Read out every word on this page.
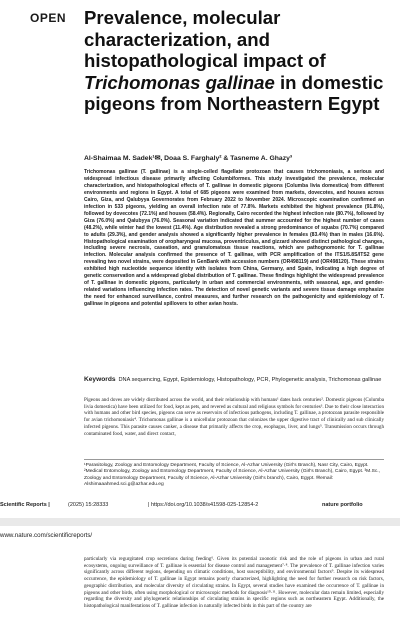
OPEN Prevalence, molecular characterization, and histopathological impact of Trichomonas gallinae in domestic pigeons from Northeastern Egypt
Al-Shaimaa M. Sadek¹✉, Doaa S. Farghaly² & Tasneme A. Ghazy³
Trichomonas gallinae (T. gallinae) is a single-celled flagellate protozoan that causes trichomoniasis, a serious and widespread infectious disease primarily affecting Columbiformes. This study investigated the prevalence, molecular characterization, and histopathological effects of T. gallinae in domestic pigeons (Columba livia domestica) from different environments and regions in Egypt. A total of 685 pigeons were examined from markets, dovecotes, and houses across Cairo, Giza, and Qalubyya Governorates from February 2022 to November 2024. Microscopic examination confirmed an infection in 533 pigeons, yielding an overall infection rate of 77.8%. Markets exhibited the highest prevalence (91.8%), followed by dovecotes (72.1%) and houses (58.4%). Regionally, Cairo recorded the highest infection rate (80.7%), followed by Giza (76.0%) and Qalubyya (76.0%). Seasonal variation indicated that summer accounted for the highest number of cases (48.2%), while winter had the lowest (11.4%). Age distribution revealed a strong predominance of squabs (70.7%) compared to adults (29.3%), and gender analysis showed a significantly higher prevalence in females (83.4%) than in males (16.6%). Histopathological examination of oropharyngeal mucosa, proventriculus, and gizzard showed distinct pathological changes, including severe necrosis, caseation, and granulomatous tissue reactions, which are pathognomonic for T. gallinae infection. Molecular analysis confirmed the presence of T. gallinae, with PCR amplification of the ITS1/5.8S/ITS2 gene revealing two novel strains, were deposited in GenBank with accession numbers (OR498119) and (OR498120). These strains exhibited high nucleotide sequence identity with isolates from China, Germany, and Spain, indicating a high degree of genetic conservation and a widespread global distribution of T. gallinae. These findings highlight the widespread prevalence of T. gallinae in domestic pigeons, particularly in urban and commercial environments, with seasonal, age, and gender-related variations influencing infection rates. The detection of novel genetic variants and severe tissue damage emphasize the need for enhanced surveillance, control measures, and further research on the pathogenicity and epidemiology of T. gallinae in pigeons and potential spillovers to other avian hosts.
Keywords DNA sequencing, Egypt, Epidemiology, Histopathology, PCR, Phylogenetic analysis, Trichomonas gallinae
Pigeons and doves are widely distributed across the world, and their relationship with humans¹ dates back centuries². Domestic pigeons (Columba livia domestica) have been utilized for food, kept as pets, and revered as cultural and religious symbols for centuries³. Due to their close interaction with humans and other bird species, pigeons can serve as reservoirs of infectious pathogens, including T. gallinae, a protozoan parasite responsible for avian trichomoniasis⁴. Trichomonas gallinae is a unicellular protozoan that colonizes the upper digestive tract of clinically and sub clinically infected pigeons. This parasite causes canker, a disease that primarily affects the crop, esophagus, liver, and lungs⁵. Transmission occurs through contaminated food, water, and direct contact,
¹Parasitology, Zoology and Entomology Department, Faculty of Science, Al-Azhar University (Girl's Branch), Nasr City, Cairo, Egypt. ²Medical Entomology, Zoology and Entomology Department, Faculty of Science, Al-Azhar University (Girl's Branch), Cairo, Egypt. ³M.Sc., Zoology and Entomology Department, Faculty of Science, Al-Azhar University (Girl's branch), Cairo, Egypt. ✉email: Alshimaaahmed.sci.g@azhar.edu.eg
Scientific Reports |	(2025) 15:28333	| https://doi.org/10.1038/s41598-025-12854-2	nature portfolio
www.nature.com/scientificreports/
particularly via regurgitated crop secretions during feeding⁶. Given its potential zoonotic risk and the role of pigeons in urban and rural ecosystems, ongoing surveillance of T. gallinae is essential for disease control and management⁷·⁸. The prevalence of T. gallinae infection varies significantly across different regions, depending on climatic conditions, host susceptibility, and environmental factors⁹. Despite its widespread occurrence, the epidemiology of T. gallinae in Egypt remains poorly characterized, highlighting the need for further research on risk factors, geographic distribution, and molecular diversity of circulating strains. In Egypt, several studies have examined the occurrence of T. gallinae in pigeons and other birds, often using morphological or microscopic methods for diagnosis¹⁰·¹¹. However, molecular data remain limited, especially regarding the diversity and phylogenetic relationships of circulating strains in specific regions such as northeastern Egypt. Additionally, the histopathological manifestations of T. gallinae infection in naturally infected birds in this part of the country are
